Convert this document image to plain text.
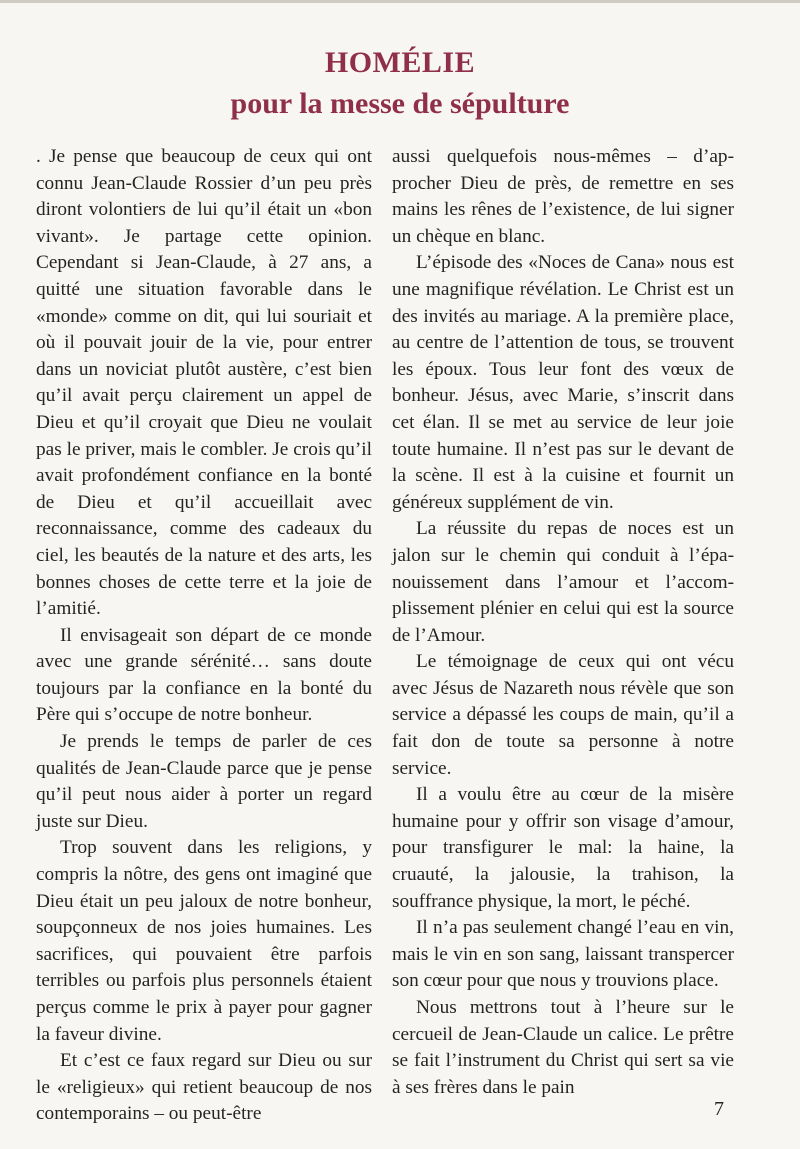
HOMÉLIE
pour la messe de sépulture

. Je pense que beaucoup de ceux qui ont connu Jean-Claude Rossier d’un peu près diront volontiers de lui qu’il était un «bon vivant». Je partage cette opinion. Cependant si Jean-Claude, à 27 ans, a quitté une situation favorable dans le «monde» comme on dit, qui lui souriait et où il pouvait jouir de la vie, pour entrer dans un noviciat plutôt austère, c’est bien qu’il avait perçu clairement un appel de Dieu et qu’il croyait que Dieu ne voulait pas le priver, mais le combler. Je crois qu’il avait profondément confiance en la bonté de Dieu et qu’il accueillait avec reconnaissance, comme des cadeaux du ciel, les beautés de la nature et des arts, les bonnes choses de cette terre et la joie de l’amitié.

Il envisageait son départ de ce monde avec une grande sérénité… sans doute toujours par la confiance en la bonté du Père qui s’occupe de notre bonheur.

Je prends le temps de parler de ces qualités de Jean-Claude parce que je pense qu’il peut nous aider à porter un regard juste sur Dieu.

Trop souvent dans les religions, y compris la nôtre, des gens ont imaginé que Dieu était un peu jaloux de notre bonheur, soupçonneux de nos joies humaines. Les sacrifices, qui pouvaient être parfois terribles ou parfois plus personnels étaient perçus comme le prix à payer pour gagner la faveur divine.

Et c’est ce faux regard sur Dieu ou sur le «religieux» qui retient beaucoup de nos contemporains – ou peut-être

aussi quelquefois nous-mêmes – d’approcher Dieu de près, de remettre en ses mains les rênes de l’existence, de lui signer un chèque en blanc.

L’épisode des «Noces de Cana» nous est une magnifique révélation. Le Christ est un des invités au mariage. A la première place, au centre de l’attention de tous, se trouvent les époux. Tous leur font des vœux de bonheur. Jésus, avec Marie, s’inscrit dans cet élan. Il se met au service de leur joie toute humaine. Il n’est pas sur le devant de la scène. Il est à la cuisine et fournit un généreux supplément de vin.

La réussite du repas de noces est un jalon sur le chemin qui conduit à l’épanouissement dans l’amour et l’accomplissement plénier en celui qui est la source de l’Amour.

Le témoignage de ceux qui ont vécu avec Jésus de Nazareth nous révèle que son service a dépassé les coups de main, qu’il a fait don de toute sa personne à notre service.

Il a voulu être au cœur de la misère humaine pour y offrir son visage d’amour, pour transfigurer le mal: la haine, la cruauté, la jalousie, la trahison, la souffrance physique, la mort, le péché.

Il n’a pas seulement changé l’eau en vin, mais le vin en son sang, laissant transpercer son cœur pour que nous y trouvions place.

Nous mettrons tout à l’heure sur le cercueil de Jean-Claude un calice. Le prêtre se fait l’instrument du Christ qui sert sa vie à ses frères dans le pain

7
